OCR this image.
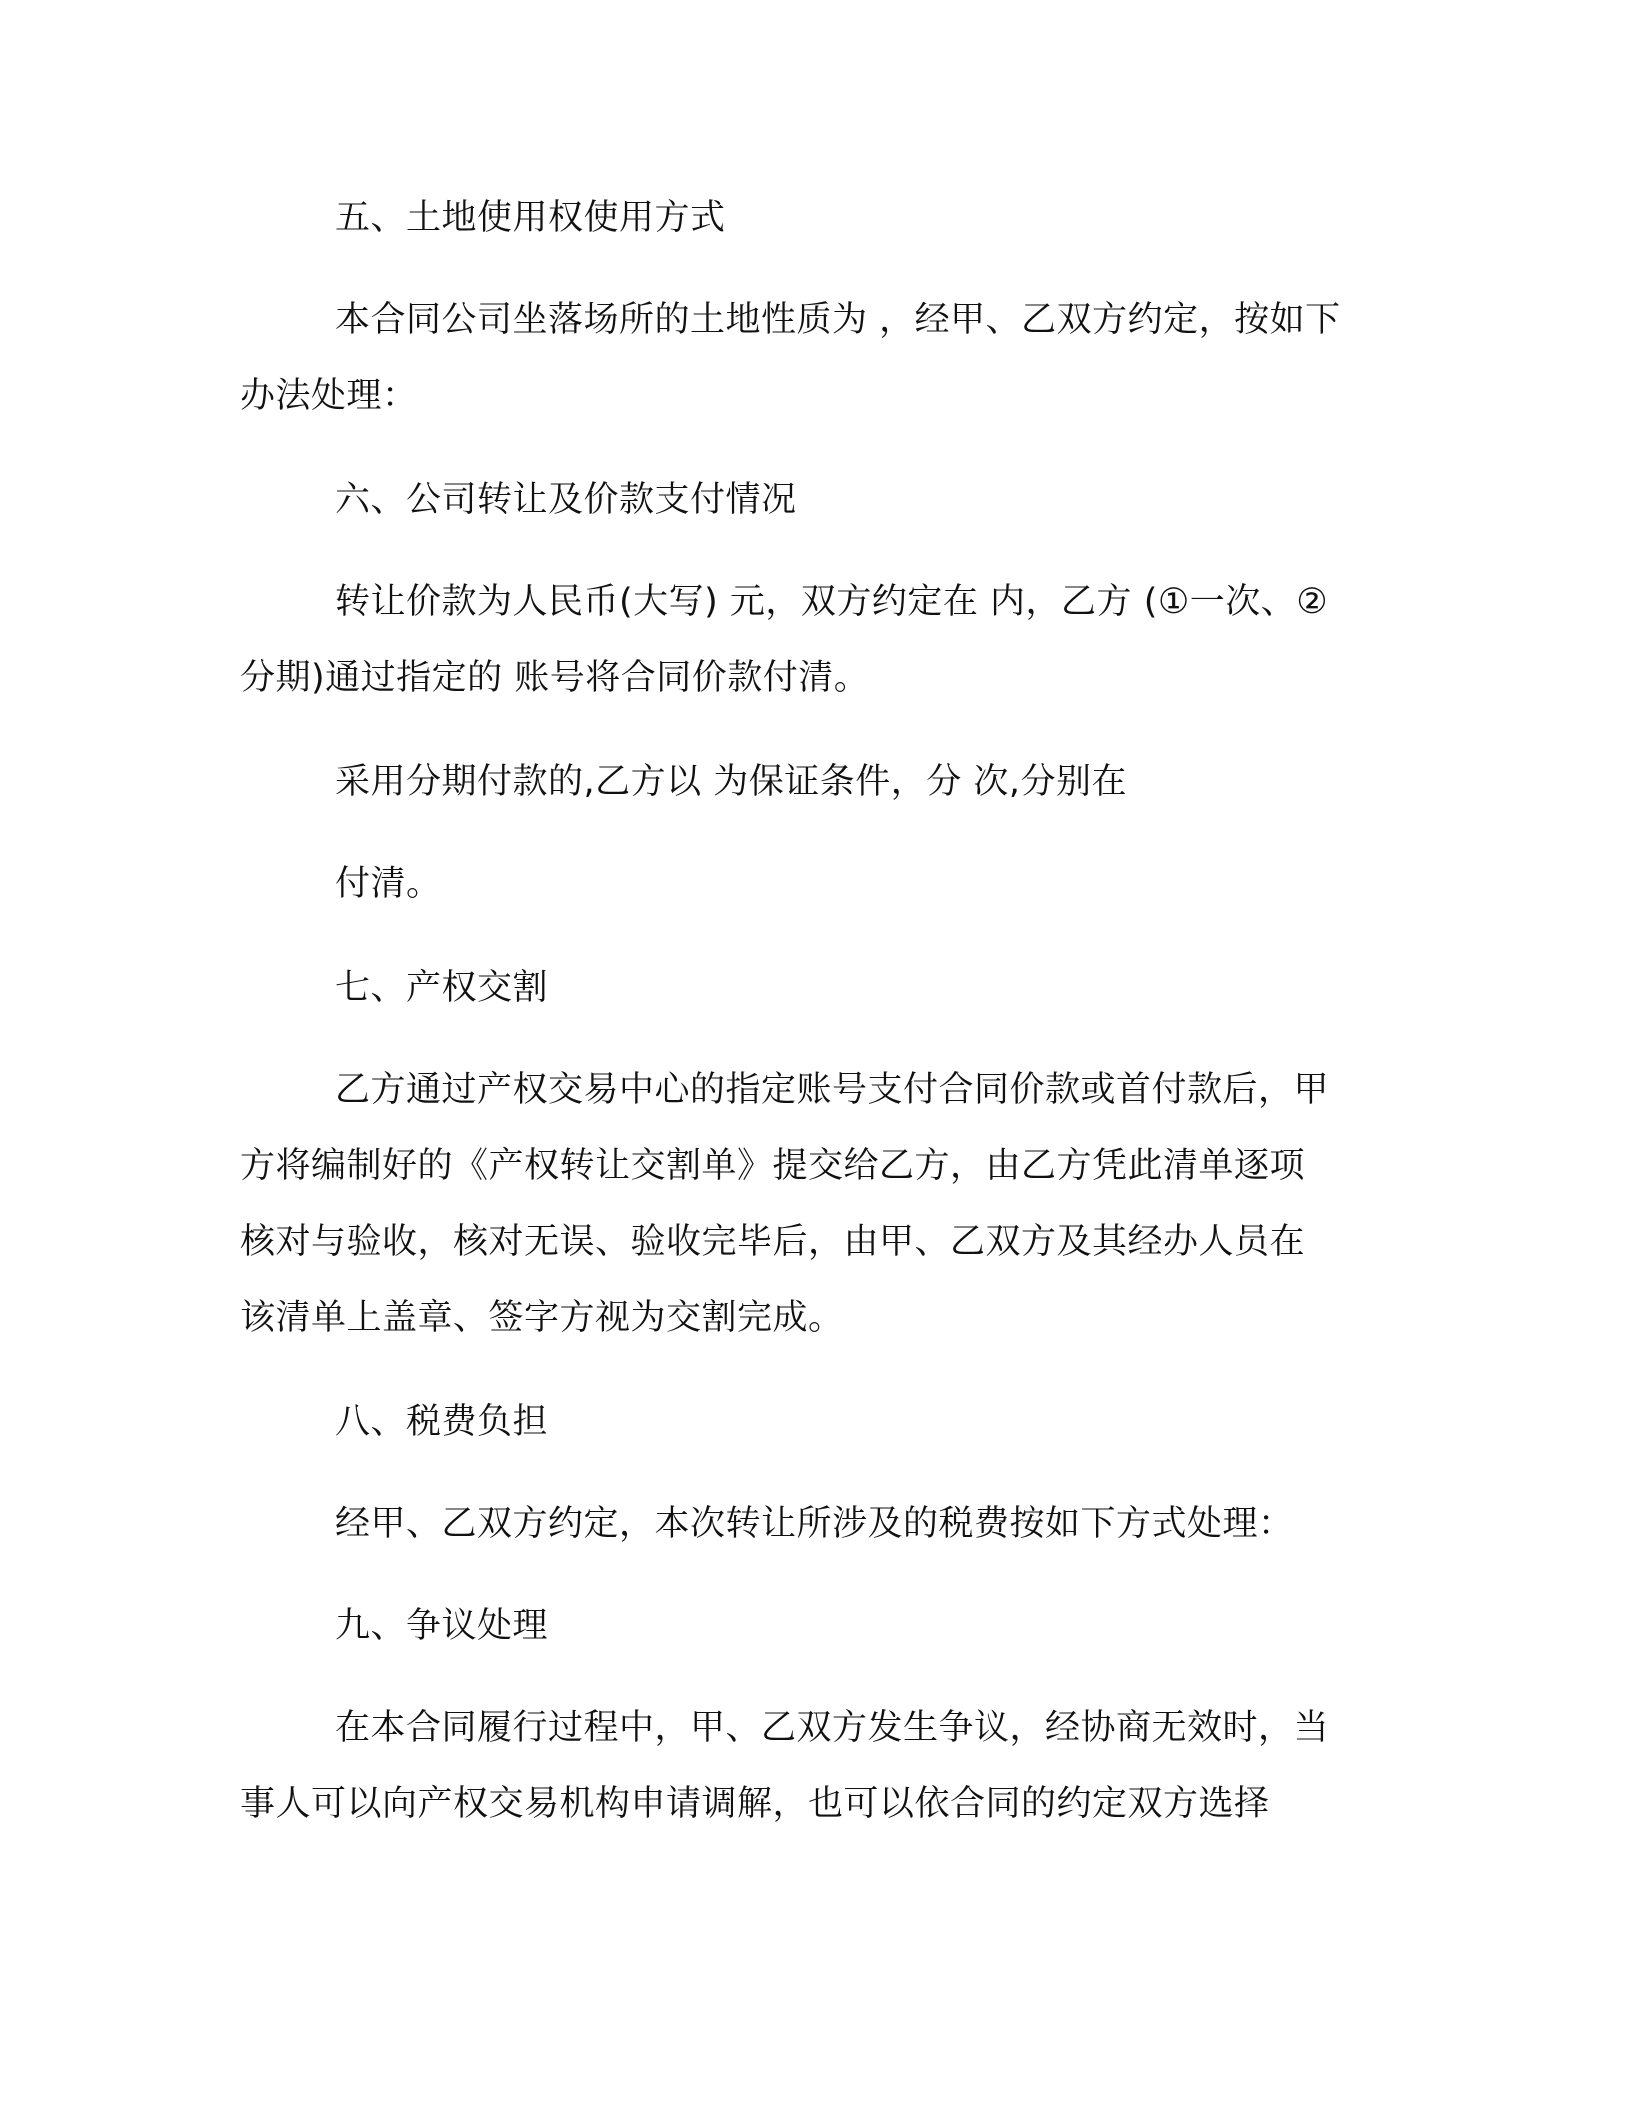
五、土地使用权使用方式
本合同公司坐落场所的土地性质为 ，经甲、乙双方约定，按如下
办法处理：
六、公司转让及价款支付情况
转让价款为人民币(大写) 元，双方约定在 内，乙方 (①一次、②
分期)通过指定的 账号将合同价款付清。
采用分期付款的,乙方以 为保证条件，分 次,分别在
付清。
七、产权交割
乙方通过产权交易中心的指定账号支付合同价款或首付款后，甲
方将编制好的《产权转让交割单》提交给乙方，由乙方凭此清单逐项
核对与验收，核对无误、验收完毕后，由甲、乙双方及其经办人员在
该清单上盖章、签字方视为交割完成。
八、税费负担
经甲、乙双方约定，本次转让所涉及的税费按如下方式处理：
九、争议处理
在本合同履行过程中，甲、乙双方发生争议，经协商无效时，当
事人可以向产权交易机构申请调解，也可以依合同的约定双方选择
